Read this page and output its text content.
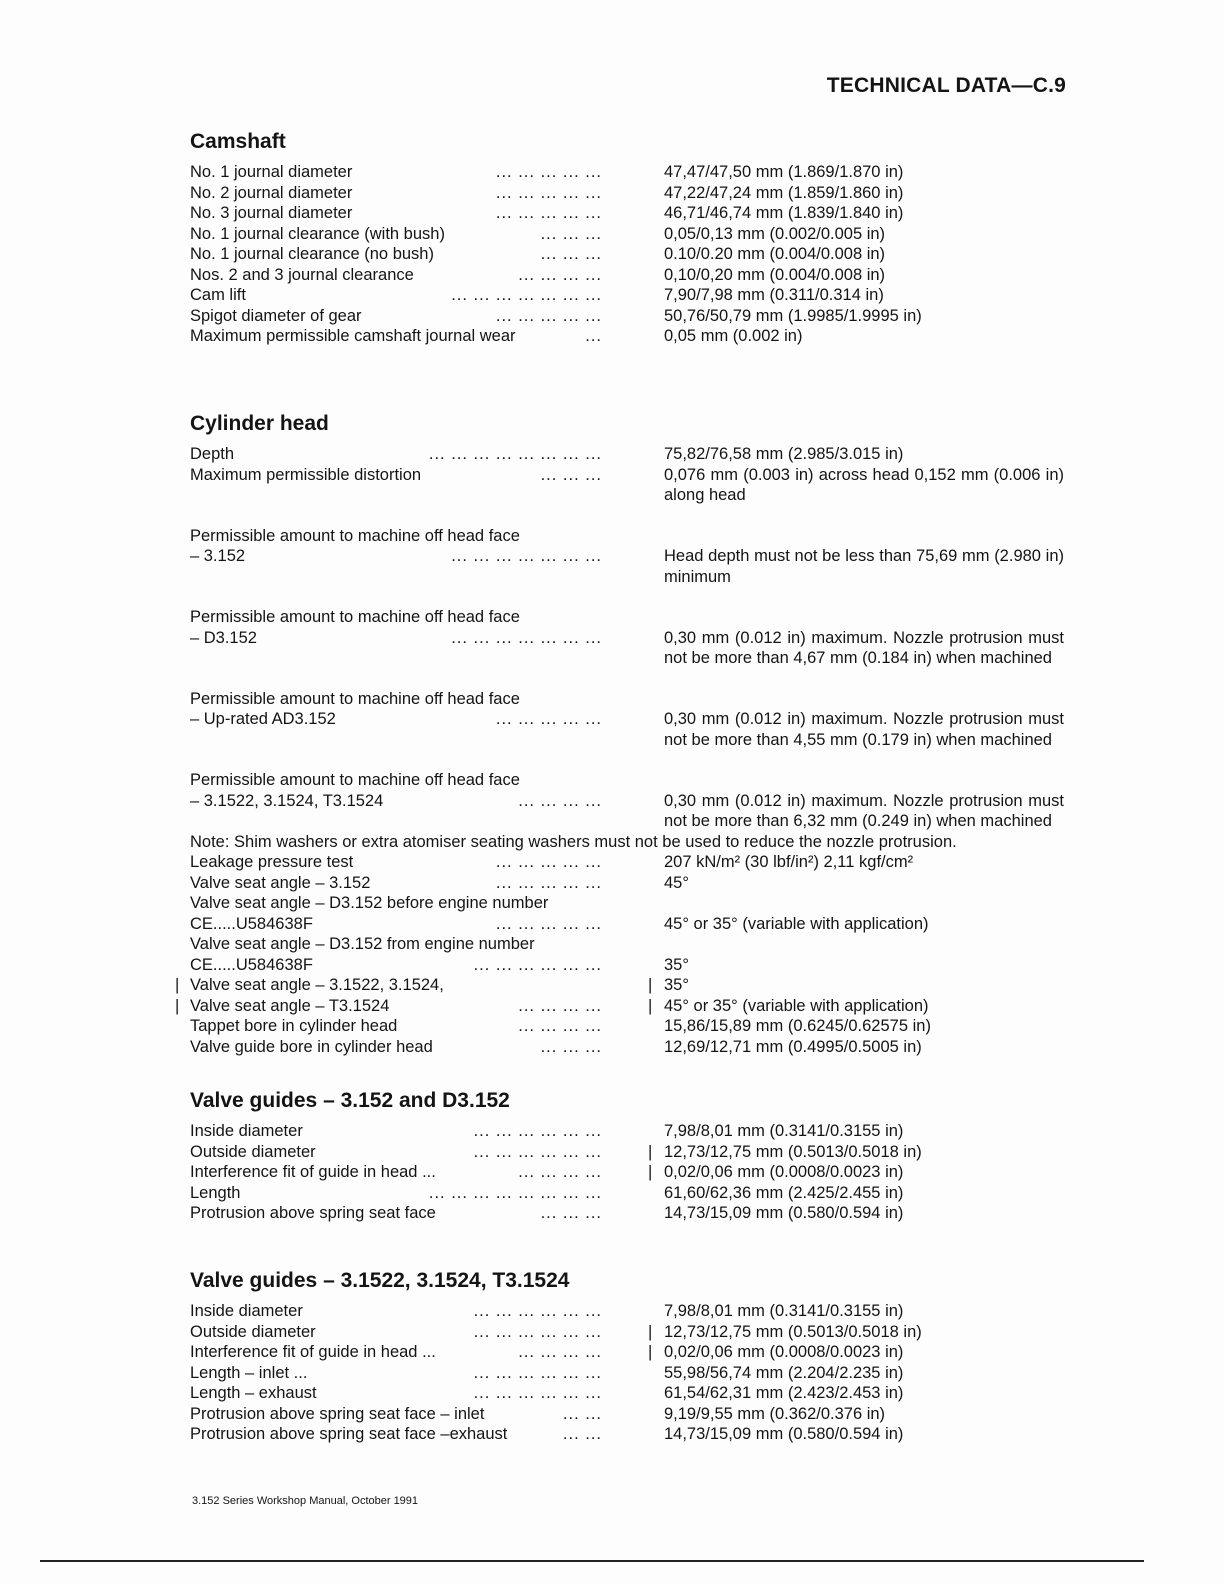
TECHNICAL DATA—C.9
Camshaft
No. 1 journal diameter	... ... ... ... ...	47,47/47,50 mm (1.869/1.870 in)
No. 2 journal diameter	... ... ... ... ...	47,22/47,24 mm (1.859/1.860 in)
No. 3 journal diameter	... ... ... ... ...	46,71/46,74 mm (1.839/1.840 in)
No. 1 journal clearance (with bush)	... ... ...	0,05/0,13 mm (0.002/0.005 in)
No. 1 journal clearance (no bush)	... ... ...	0.10/0.20 mm (0.004/0.008 in)
Nos. 2 and 3 journal clearance	... ... ... ...	0,10/0,20 mm (0.004/0.008 in)
Cam lift	... ... ... ... ... ... ...	7,90/7,98 mm (0.311/0.314 in)
Spigot diameter of gear	... ... ... ... ...	50,76/50,79 mm (1.9985/1.9995 in)
Maximum permissible camshaft journal wear	...	0,05 mm (0.002 in)
Cylinder head
Depth	... ... ... ... ... ... ... ...	75,82/76,58 mm (2.985/3.015 in)
Maximum permissible distortion	... ... ...	0,076 mm (0.003 in) across head 0,152 mm (0.006 in) along head
Permissible amount to machine off head face

– 3.152	... ... ... ... ... ... ...	Head depth must not be less than 75,69 mm (2.980 in) minimum
Permissible amount to machine off head face

– D3.152	... ... ... ... ... ... ...	0,30 mm (0.012 in) maximum. Nozzle protrusion must not be more than 4,67 mm (0.184 in) when machined
Permissible amount to machine off head face

– Up-rated AD3.152	... ... ... ... ...	0,30 mm (0.012 in) maximum. Nozzle protrusion must not be more than 4,55 mm (0.179 in) when machined
Permissible amount to machine off head face

– 3.1522, 3.1524, T3.1524	... ... ... ...	0,30 mm (0.012 in) maximum. Nozzle protrusion must not be more than 6,32 mm (0.249 in) when machined
Note: Shim washers or extra atomiser seating washers must not be used to reduce the nozzle protrusion.
Leakage pressure test	... ... ... ... ...	207 kN/m² (30 lbf/in²) 2,11 kgf/cm²
Valve seat angle – 3.152	... ... ... ... ...	45°
Valve seat angle – D3.152 before engine number

CE.....U584638F	... ... ... ... ...	45° or 35° (variable with application)
Valve seat angle – D3.152 from engine number

CE.....U584638F	... ... ... ... ... ...	35°
| Valve seat angle – 3.1522, 3.1524,	| 35°
| Valve seat angle – T3.1524	... ... ... ...	| 45° or 35° (variable with application)
Tappet bore in cylinder head	... ... ... ...	15,86/15,89 mm (0.6245/0.62575 in)
Valve guide bore in cylinder head	... ... ...	12,69/12,71 mm (0.4995/0.5005 in)
Valve guides – 3.152 and D3.152
Inside diameter	... ... ... ... ... ...	7,98/8,01 mm (0.3141/0.3155 in)
Outside diameter	... ... ... ... ... ...	| 12,73/12,75 mm (0.5013/0.5018 in)
Interference fit of guide in head ...	... ... ... ...	| 0,02/0,06 mm (0.0008/0.0023 in)
Length	... ... ... ... ... ... ... ...	61,60/62,36 mm (2.425/2.455 in)
Protrusion above spring seat face	... ... ...	14,73/15,09 mm (0.580/0.594 in)
Valve guides – 3.1522, 3.1524, T3.1524
Inside diameter	... ... ... ... ... ...	7,98/8,01 mm (0.3141/0.3155 in)
Outside diameter	... ... ... ... ... ...	| 12,73/12,75 mm (0.5013/0.5018 in)
Interference fit of guide in head ...	... ... ... ...	| 0,02/0,06 mm (0.0008/0.0023 in)
Length – inlet ...	... ... ... ... ... ...	55,98/56,74 mm (2.204/2.235 in)
Length – exhaust	... ... ... ... ... ...	61,54/62,31 mm (2.423/2.453 in)
Protrusion above spring seat face – inlet	... ...	9,19/9,55 mm (0.362/0.376 in)
Protrusion above spring seat face –exhaust	... ...	14,73/15,09 mm (0.580/0.594 in)
3.152 Series Workshop Manual, October 1991
